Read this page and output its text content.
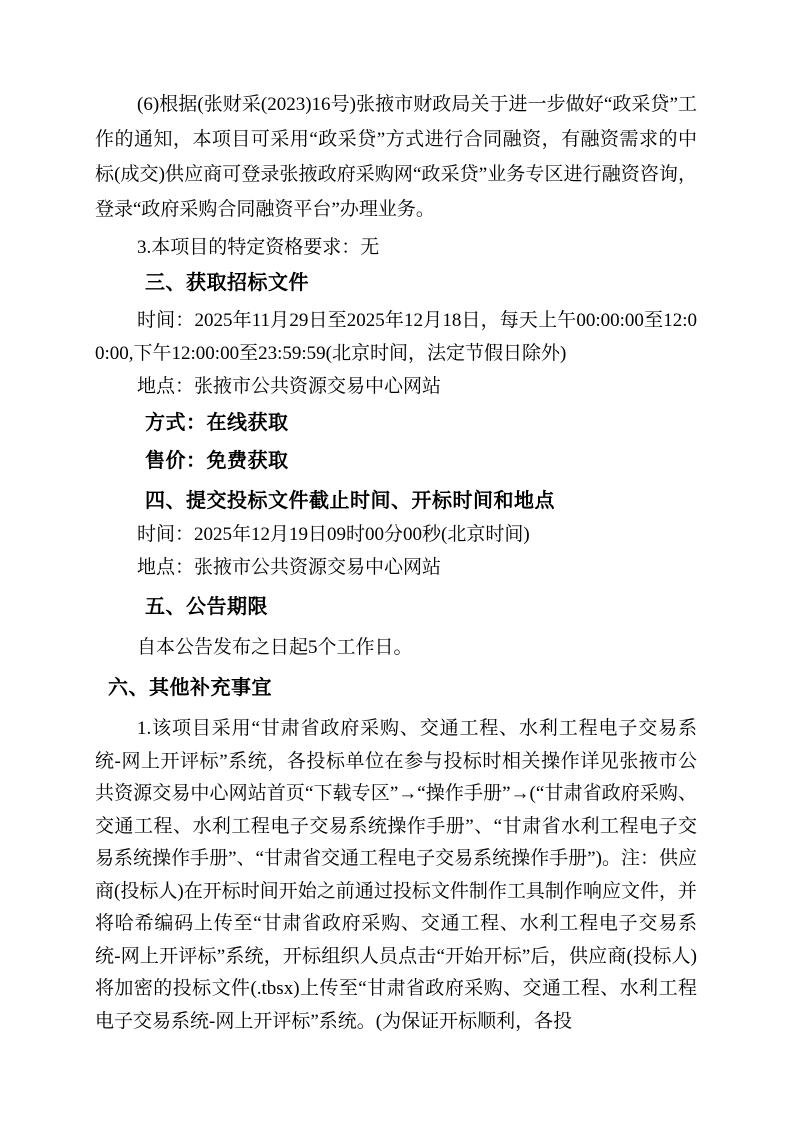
(6)根据(张财采(2023)16号)张掖市财政局关于进一步做好“政采贷”工作的通知，本项目可采用“政采贷”方式进行合同融资，有融资需求的中标(成交)供应商可登录张掖政府采购网“政采贷”业务专区进行融资咨询，登录“政府采购合同融资平台”办理业务。

3.本项目的特定资格要求：无

三、获取招标文件

时间：2025年11月29日至2025年12月18日，每天上午00:00:00至12:00:00,下午12:00:00至23:59:59(北京时间，法定节假日除外)

地点：张掖市公共资源交易中心网站

方式：在线获取

售价：免费获取

四、提交投标文件截止时间、开标时间和地点

时间：2025年12月19日09时00分00秒(北京时间)

地点：张掖市公共资源交易中心网站

五、公告期限

自本公告发布之日起5个工作日。

六、其他补充事宜

1.该项目采用“甘肃省政府采购、交通工程、水利工程电子交易系统-网上开评标”系统，各投标单位在参与投标时相关操作详见张掖市公共资源交易中心网站首页“下载专区”→“操作手册”→(“甘肃省政府采购、交通工程、水利工程电子交易系统操作手册”、“甘肃省水利工程电子交易系统操作手册”、“甘肃省交通工程电子交易系统操作手册”)。注：供应商(投标人)在开标时间开始之前通过投标文件制作工具制作响应文件，并将哈希编码上传至“甘肃省政府采购、交通工程、水利工程电子交易系统-网上开评标”系统，开标组织人员点击“开始开标”后，供应商(投标人)将加密的投标文件(.tbsx)上传至“甘肃省政府采购、交通工程、水利工程电子交易系统-网上开评标”系统。(为保证开标顺利，各投
